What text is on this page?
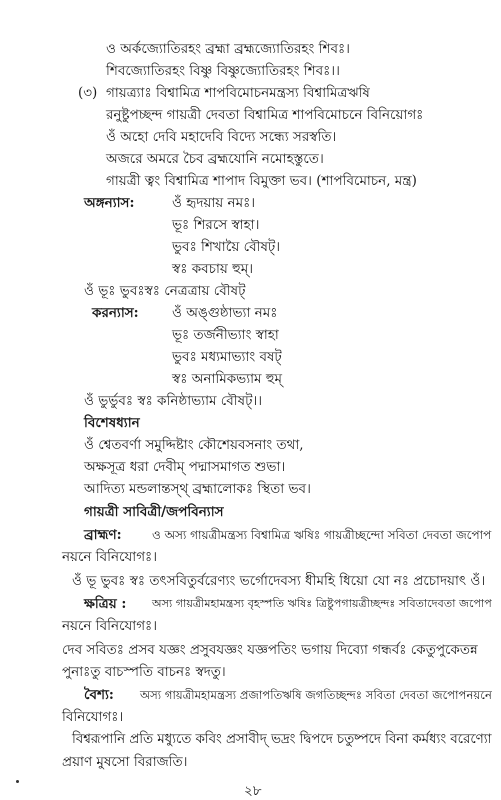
ও অর্কজ্যোতিরহং ব্রহ্মা ব্রহ্মজ্যোতিরহং শিবঃ।
শিবজ্যোতিরহং বিষ্ণু বিষ্ণুজ্যোতিরহং শিবঃ।।
(৩) গায়ত্র্যাঃ বিশ্বামিত্র শাপবিমোচনমন্ত্রস্য বিশ্বামিত্রঋষি
রনুষ্টুপচ্ছন্দ গায়ত্রী দেবতা বিশ্বামিত্র শাপবিমোচনে বিনিয়োগঃ
ওঁ অহো দেবি মহাদেবি বিদ্যে সন্ধ্যে সরস্বতি।
অজরে অমরে চৈব ব্রহ্মযোনি নমোহস্তুতে।
গায়ত্রী ত্বং বিশ্বামিত্র শাপাদ বিমুক্তা ভব। (শাপবিমোচন, মন্ত্র)
অঙ্গন্যাস:	ওঁ হৃদয়ায় নমঃ।
ভূঃ শিরসে স্বাহা।
ভুবঃ শিখায়ৈ বৌষট্।
স্বঃ কবচায় হুম্।
ওঁ ভূঃ ভুবঃস্বঃ নেত্রত্রায় বৌষট্
করন্যাস: ওঁ অঙ্গুষ্ঠাভ্যা নমঃ
ভূঃ তর্জনীভ্যাং স্বাহা
ভুবঃ মধ্যমাভ্যাং বষট্
স্বঃ অনামিকভ্যাম হুম্
ওঁ ভুর্ভুবঃ স্বঃ কনিষ্ঠাভ্যাম বৌষট্।।
বিশেষধ্যান
ওঁ শ্বেতবর্ণা সমুদ্দিষ্টাং কৌশেয়বসনাং তথা,
অক্ষসূত্র ধরা দেবীম্ পদ্মাসমাগত শুভা।
আদিত্য মন্ডলান্তস্থ্ ব্রহ্মালোকঃ স্থিতা ভব।
গায়ত্রী সাবিত্রী/জপবিন্যাস
ব্রাহ্মণ:	ও অস্য গায়ত্রীমন্ত্রস্য বিশ্বামিত্র ঋষিঃ গায়ত্রীচ্ছন্দো সবিতা দেবতা জপোপ
নয়নে বিনিযোগঃ।
ওঁ ভূ ভুবঃ স্বঃ তৎসবিতুর্বরেণ্যং ভর্গোদেবস্য ধীমহি ধিয়ো যো নঃ প্রচোদয়াৎ ওঁ।
ক্ষত্রিয় : অস্য গায়ত্রীমহামন্ত্রস্য বৃহস্পতি ঋষিঃ ত্রিষ্টুপগায়ত্রীচ্ছন্দঃ সবিতাদেবতা জপোপ
নয়নে বিনিযোগঃ।
দেব সবিতঃ প্রসব যজ্ঞং প্রসুবযজ্ঞং যজ্ঞপতিং ভগায় দিব্যো গন্ধর্বঃ কেতুপুকেতন্ন
পুনাঃতু বাচস্পতি বাচনঃ স্বদতু।
বৈশ্য: অস্য গায়ত্রীমহামন্ত্রস্য প্রজাপতিঋষি জগতিচ্ছন্দঃ সবিতা দেবতা জপোপনয়নে
বিনিযোগঃ।
বিশ্বরূপানি প্রতি মধ্যুতে কবিং প্রসাবীদ্ ভদ্রং দ্বিপদে চতুষ্পদে বিনা কর্মধ্যং বরেণ্যো
প্রয়াণ মুষসো বিরাজতি।
২৮
